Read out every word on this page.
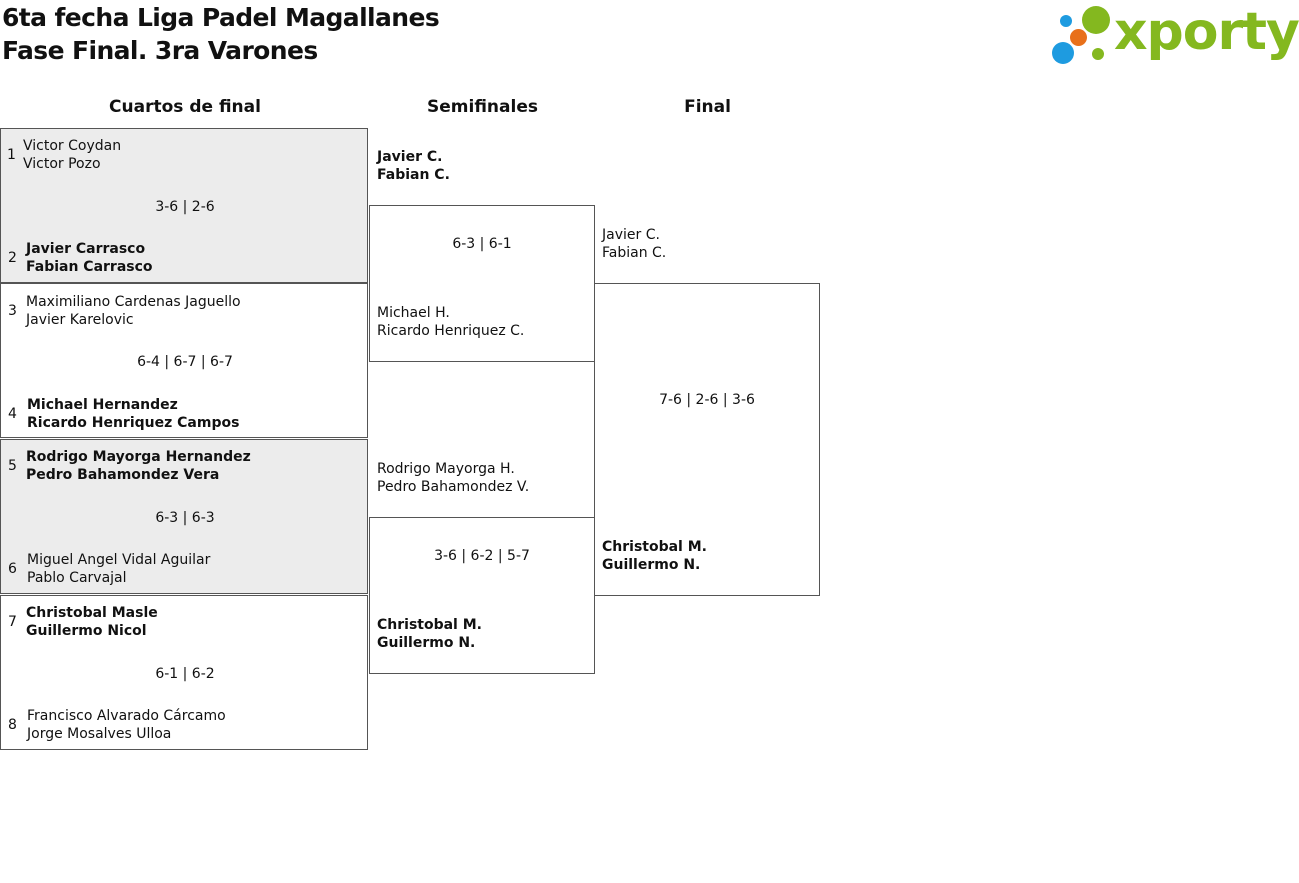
6ta fecha Liga Padel Magallanes
Fase Final. 3ra Varones	xporty
Cuartos de final	Semifinales	Final
1
Victor Coydan
Victor Pozo
3-6 | 2-6
2
Javier Carrasco
Fabian Carrasco
3
Maximiliano Cardenas Jaguello
Javier Karelovic
6-4 | 6-7 | 6-7
4
Michael Hernandez
Ricardo Henriquez Campos
5
Rodrigo Mayorga Hernandez
Pedro Bahamondez Vera
6-3 | 6-3
6
Miguel Angel Vidal Aguilar
Pablo Carvajal
7
Christobal Masle
Guillermo Nicol
6-1 | 6-2
8
Francisco Alvarado Cárcamo
Jorge Mosalves Ulloa
Javier C.
Fabian C.
6-3 | 6-1
Michael H.
Ricardo Henriquez C.
Rodrigo Mayorga H.
Pedro Bahamondez V.
3-6 | 6-2 | 5-7
Christobal M.
Guillermo N.
Javier C.
Fabian C.
7-6 | 2-6 | 3-6
Christobal M.
Guillermo N.
